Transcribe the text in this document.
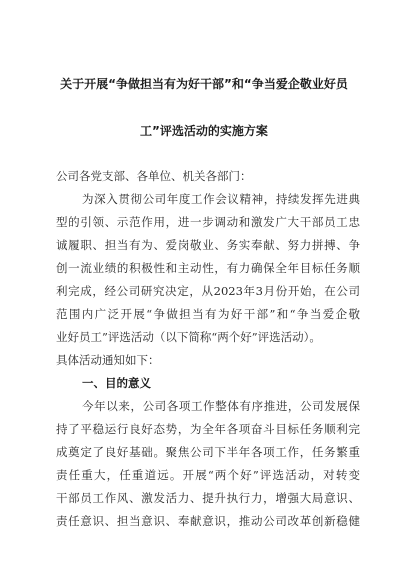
关于开展“争做担当有为好干部”和“争当爱企敬业好员
工”评选活动的实施方案
公司各党支部、各单位、机关各部门：
为深入贯彻公司年度工作会议精神，持续发挥先进典
型的引领、示范作用，进一步调动和激发广大干部员工忠
诚履职、担当有为、爱岗敬业、务实奉献、努力拼搏、争
创一流业绩的积极性和主动性，有力确保全年目标任务顺
利完成，经公司研究决定，从2023年3月份开始，在公司
范围内广泛开展“争做担当有为好干部”和“争当爱企敬
业好员工”评选活动（以下简称“两个好”评选活动）。
具体活动通知如下：
一、目的意义
今年以来，公司各项工作整体有序推进，公司发展保
持了平稳运行良好态势，为全年各项奋斗目标任务顺利完
成奠定了良好基础。聚焦公司下半年各项工作，任务繁重
责任重大，任重道远。开展“两个好”评选活动，对转变
干部员工作风、激发活力、提升执行力，增强大局意识、
责任意识、担当意识、奉献意识，推动公司改革创新稳健
